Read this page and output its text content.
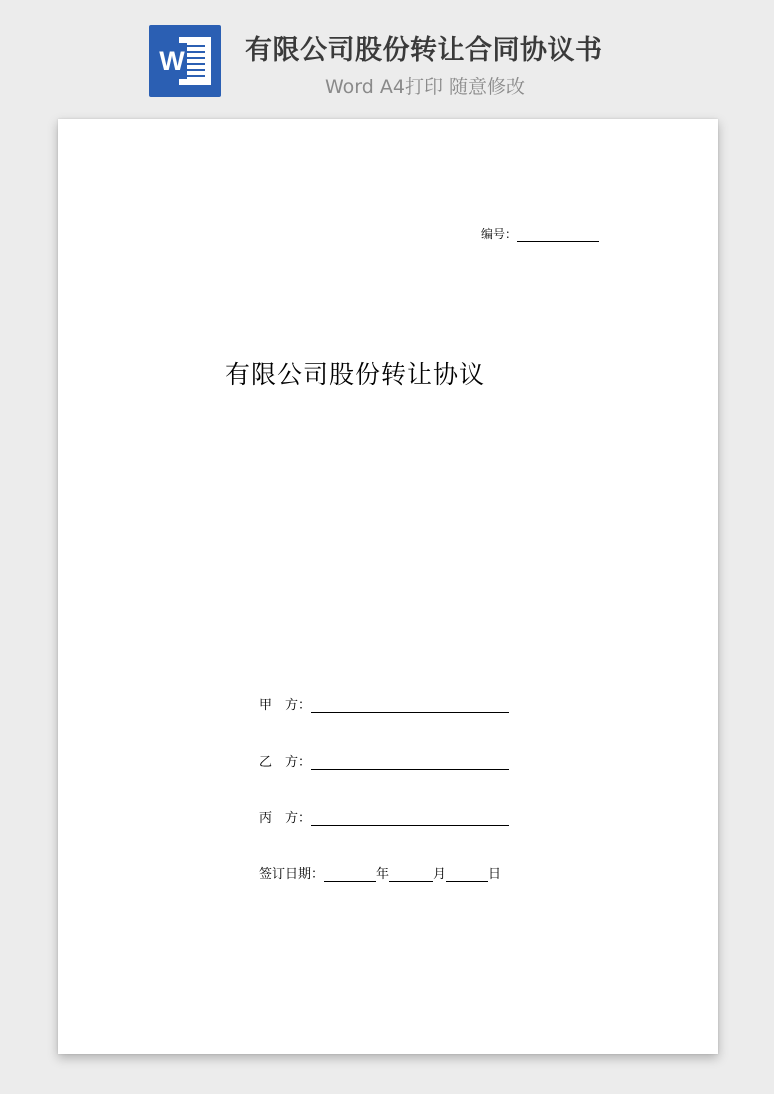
W 有限公司股份转让合同协议书
Word A4打印 随意修改
编号：
有限公司股份转让协议
甲　方：
乙　方：
丙　方：
签订日期：	年	月	日
